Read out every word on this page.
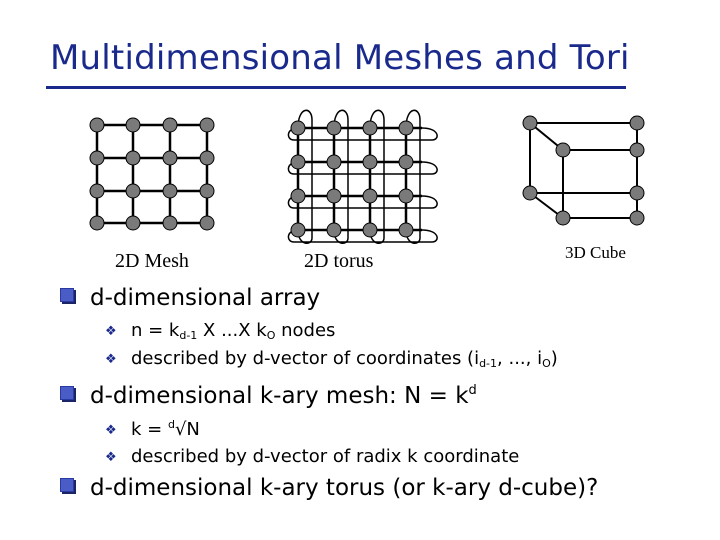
Multidimensional Meshes and Tori
2D Mesh	2D torus	3D Cube
d-dimensional array
❖ $n = k_{d-1}$ X ...X $k_O$ nodes
❖ described by d-vector of coordinates ($i_{d-1}$, ..., $i_O$)
d-dimensional k-ary mesh: $N = k^d$
❖ k = $^d$√N
❖ described by d-vector of radix k coordinate
d-dimensional k-ary torus (or k-ary d-cube)?
